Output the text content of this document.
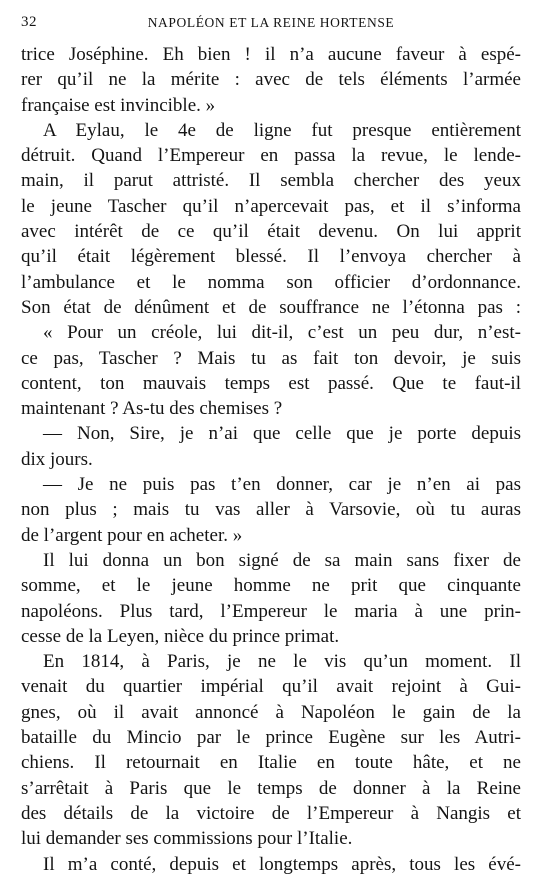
32	NAPOLÉON ET LA REINE HORTENSE
trice Joséphine. Eh bien ! il n’a aucune faveur à espé-
rer qu’il ne la mérite : avec de tels éléments l’armée
française est invincible. »
A Eylau, le 4e de ligne fut presque entièrement
détruit. Quand l’Empereur en passa la revue, le lende-
main, il parut attristé. Il sembla chercher des yeux
le jeune Tascher qu’il n’apercevait pas, et il s’informa
avec intérêt de ce qu’il était devenu. On lui apprit
qu’il était légèrement blessé. Il l’envoya chercher à
l’ambulance et le nomma son officier d’ordonnance.
Son état de dénûment et de souffrance ne l’étonna pas :
« Pour un créole, lui dit-il, c’est un peu dur, n’est-
ce pas, Tascher ? Mais tu as fait ton devoir, je suis
content, ton mauvais temps est passé. Que te faut-il
maintenant ? As-tu des chemises ?
— Non, Sire, je n’ai que celle que je porte depuis
dix jours.
— Je ne puis pas t’en donner, car je n’en ai pas
non plus ; mais tu vas aller à Varsovie, où tu auras
de l’argent pour en acheter. »
Il lui donna un bon signé de sa main sans fixer de
somme, et le jeune homme ne prit que cinquante
napoléons. Plus tard, l’Empereur le maria à une prin-
cesse de la Leyen, nièce du prince primat.
En 1814, à Paris, je ne le vis qu’un moment. Il
venait du quartier impérial qu’il avait rejoint à Gui-
gnes, où il avait annoncé à Napoléon le gain de la
bataille du Mincio par le prince Eugène sur les Autri-
chiens. Il retournait en Italie en toute hâte, et ne
s’arrêtait à Paris que le temps de donner à la Reine
des détails de la victoire de l’Empereur à Nangis et
lui demander ses commissions pour l’Italie.
Il m’a conté, depuis et longtemps après, tous les évé-
